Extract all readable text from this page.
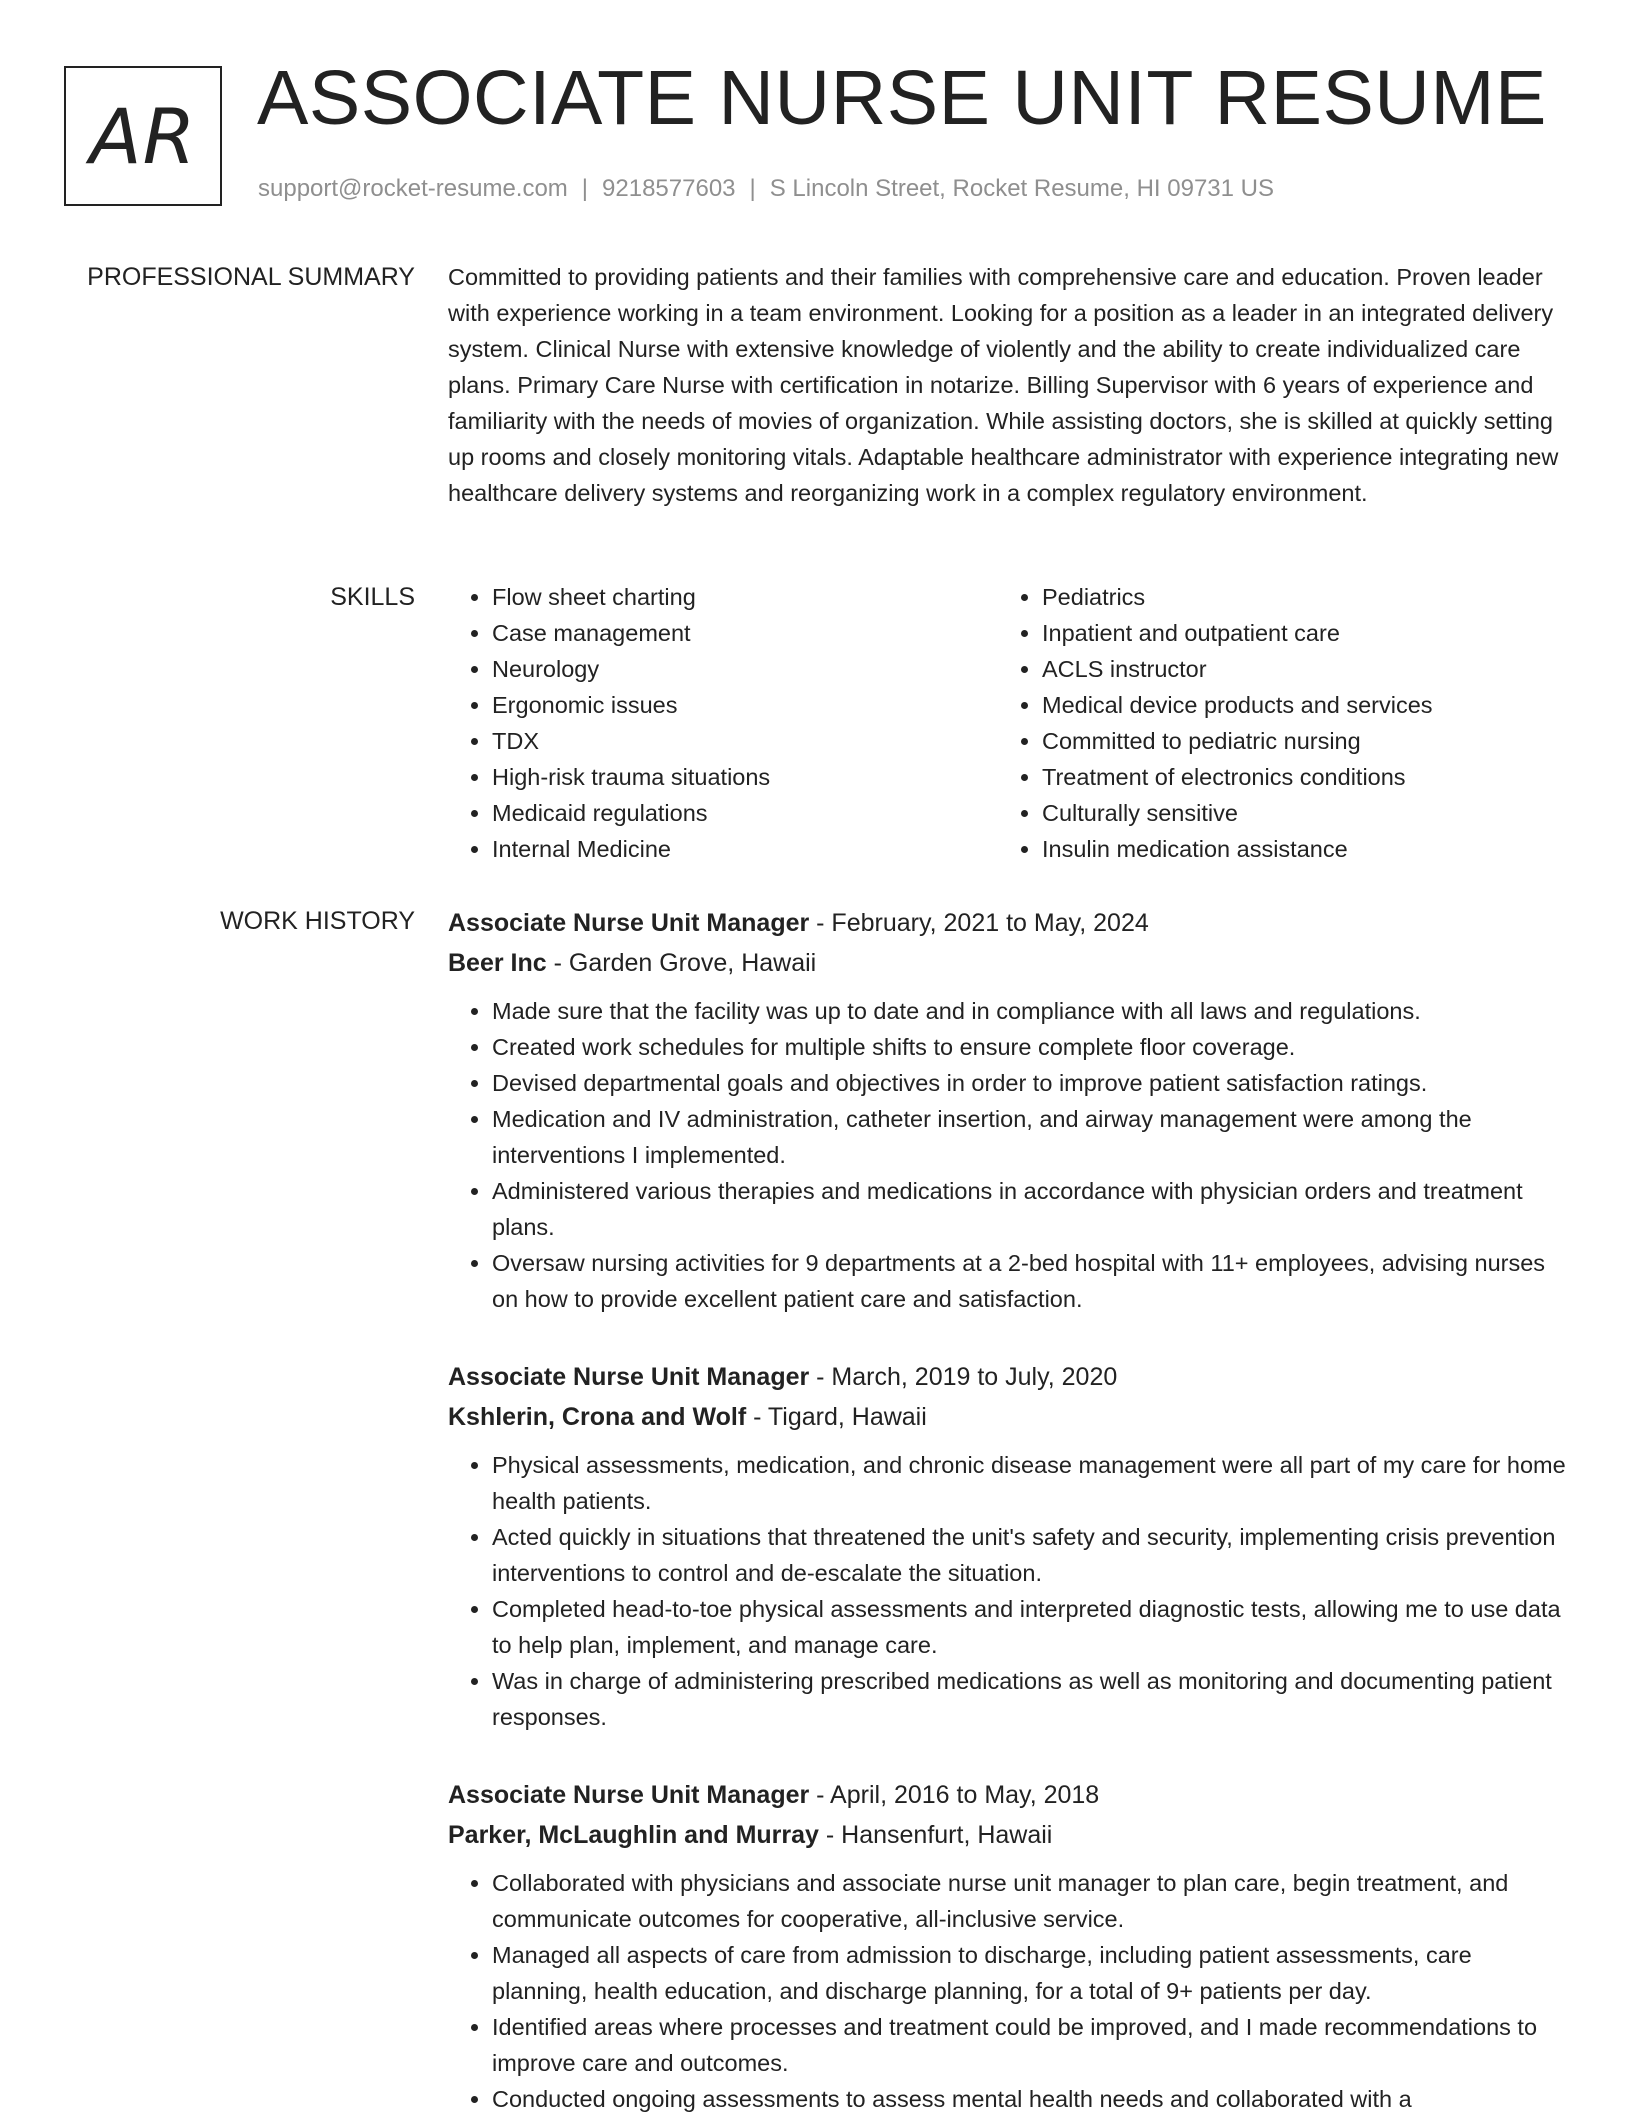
AR ASSOCIATE NURSE UNIT RESUME
support@rocket-resume.com | 9218577603 | S Lincoln Street, Rocket Resume, HI 09731 US
PROFESSIONAL SUMMARY Committed to providing patients and their families with comprehensive care and education. Proven leader with experience working in a team environment. Looking for a position as a leader in an integrated delivery system. Clinical Nurse with extensive knowledge of violently and the ability to create individualized care plans. Primary Care Nurse with certification in notarize. Billing Supervisor with 6 years of experience and familiarity with the needs of movies of organization. While assisting doctors, she is skilled at quickly setting up rooms and closely monitoring vitals. Adaptable healthcare administrator with experience integrating new healthcare delivery systems and reorganizing work in a complex regulatory environment.
SKILLS
•	Flow sheet charting
• Case management
• Neurology
• Ergonomic issues
• TDX
• High-risk trauma situations
• Medicaid regulations
• Internal Medicine
• Pediatrics
• Inpatient and outpatient care
• ACLS instructor
• Medical device products and services
• Committed to pediatric nursing
• Treatment of electronics conditions
• Culturally sensitive
• Insulin medication assistance
WORK HISTORY Associate Nurse Unit Manager - February, 2021 to May, 2024
Beer Inc - Garden Grove, Hawaii
• Made sure that the facility was up to date and in compliance with all laws and regulations.
• Created work schedules for multiple shifts to ensure complete floor coverage.
• Devised departmental goals and objectives in order to improve patient satisfaction ratings.
• Medication and IV administration, catheter insertion, and airway management were among the interventions I implemented.
• Administered various therapies and medications in accordance with physician orders and treatment plans.
• Oversaw nursing activities for 9 departments at a 2-bed hospital with 11+ employees, advising nurses on how to provide excellent patient care and satisfaction.
Associate Nurse Unit Manager - March, 2019 to July, 2020
Kshlerin, Crona and Wolf - Tigard, Hawaii
• Physical assessments, medication, and chronic disease management were all part of my care for home health patients.
• Acted quickly in situations that threatened the unit's safety and security, implementing crisis prevention interventions to control and de-escalate the situation.
• Completed head-to-toe physical assessments and interpreted diagnostic tests, allowing me to use data to help plan, implement, and manage care.
• Was in charge of administering prescribed medications as well as monitoring and documenting patient responses.
Associate Nurse Unit Manager - April, 2016 to May, 2018
Parker, McLaughlin and Murray - Hansenfurt, Hawaii
• Collaborated with physicians and associate nurse unit manager to plan care, begin treatment, and communicate outcomes for cooperative, all-inclusive service.
• Managed all aspects of care from admission to discharge, including patient assessments, care planning, health education, and discharge planning, for a total of 9+ patients per day.
• Identified areas where processes and treatment could be improved, and I made recommendations to improve care and outcomes.
• Conducted ongoing assessments to assess mental health needs and collaborated with a
